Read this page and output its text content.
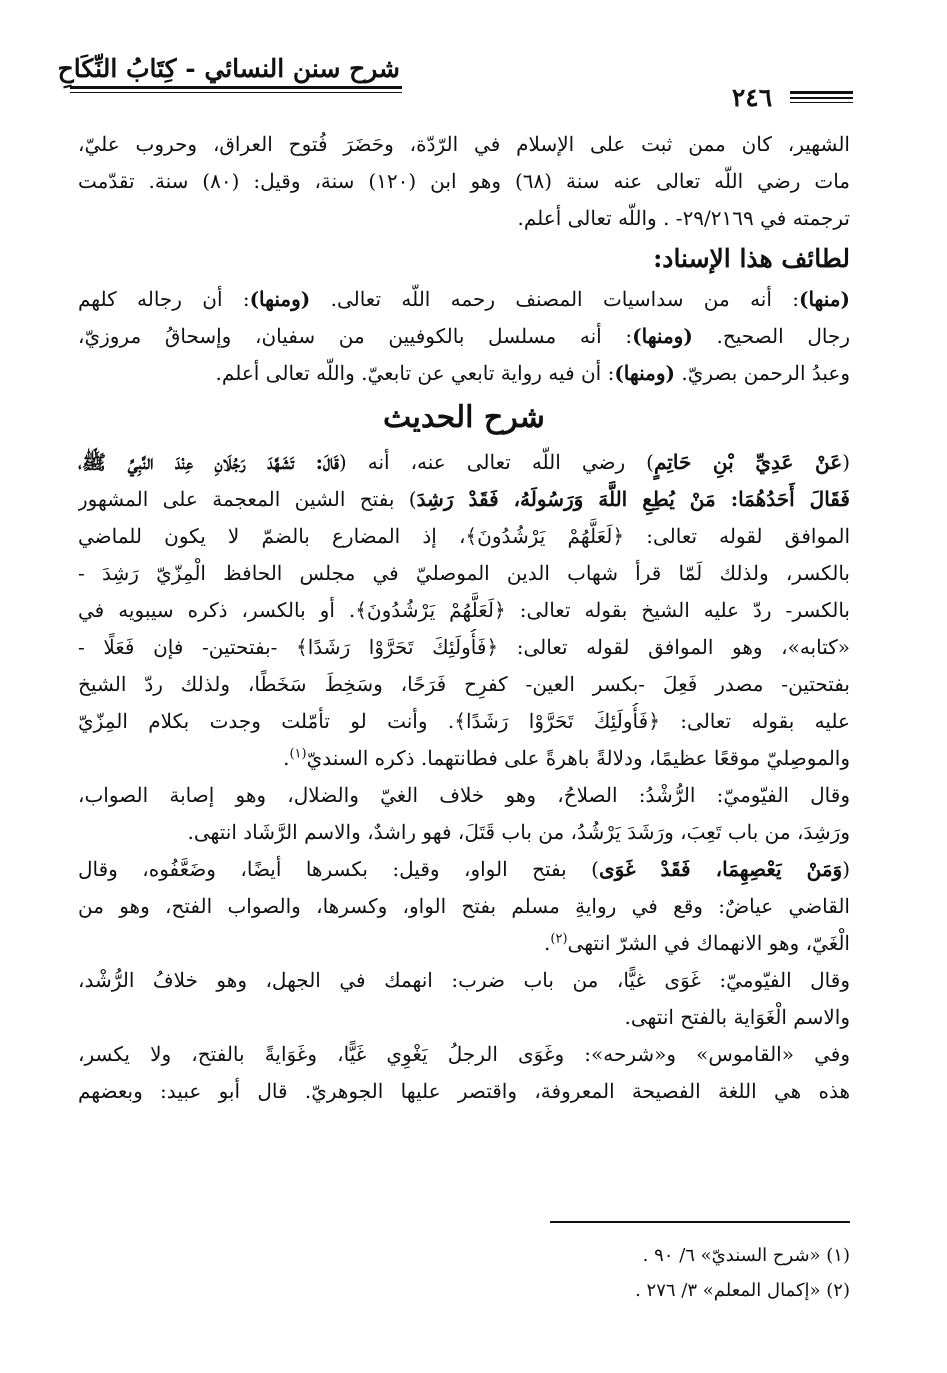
شرح سنن النسائي - كِتَابُ النِّكَاحِ
٢٤٦
الشهير، كان ممن ثبت على الإسلام في الرّدّة، وحَضَرَ فُتوح العراق، وحروب عليّ،
مات رضي اللّه تعالى عنه سنة (٦٨) وهو ابن (١٢٠) سنة، وقيل: (٨٠) سنة. تقدّمت
ترجمته في ٢٩/٢١٦٩- . واللّه تعالى أعلم.
لطائف هذا الإسناد:
(منها): أنه من سداسيات المصنف رحمه اللّه تعالى. (ومنها): أن رجاله كلهم
رجال الصحيح. (ومنها): أنه مسلسل بالكوفيين من سفيان، وإسحاقُ مروزيّ،
وعبدُ الرحمن بصريّ. (ومنها): أن فيه رواية تابعي عن تابعيّ. واللّه تعالى أعلم.
شرح الحديث
(عَنْ عَدِيِّ بْنِ حَاتِمٍ) رضي اللّه تعالى عنه، أنه (قَالَ: تَشَهَّدَ رَجُلَانِ عِنْدَ النَّبِيِّ ﷺ،
فَقَالَ أَحَدُهُمَا: مَنْ يُطِعِ اللَّهَ وَرَسُولَهُ، فَقَدْ رَشِدَ) بفتح الشين المعجمة على المشهور
الموافق لقوله تعالى: ﴿لَعَلَّهُمْ يَرْشُدُونَ﴾، إذ المضارع بالضمّ لا يكون للماضي
بالكسر، ولذلك لَمّا قرأ شهاب الدين الموصليّ في مجلس الحافظ الْمِزّيّ رَشِدَ -
بالكسر- ردّ عليه الشيخ بقوله تعالى: ﴿لَعَلَّهُمْ يَرْشُدُونَ﴾. أو بالكسر، ذكره سيبويه في
«كتابه»، وهو الموافق لقوله تعالى: ﴿فَأُولَئِكَ تَحَرَّوْا رَشَدًا﴾ -بفتحتين- فإن فَعَلًا -
بفتحتين- مصدر فَعِلَ -بكسر العين- كفرِح فَرَحًا، وسَخِطَ سَخَطًا، ولذلك ردّ الشيخ
عليه بقوله تعالى: ﴿فَأُولَئِكَ تَحَرَّوْا رَشَدًا﴾. وأنت لو تأمّلت وجدت بكلام المِزّيّ
والموصِليّ موقعًا عظيمًا، ودلالةً باهرةً على فطانتهما. ذكره السنديّ$^{(١)}$.
وقال الفيّوميّ: الرُّشْدُ: الصلاحُ، وهو خلاف الغيّ والضلال، وهو إصابة الصواب،
ورَشِدَ، من باب تَعِبَ، ورَشَدَ يَرْشُدُ، من باب قَتَلَ، فهو راشدٌ، والاسم الرَّشَاد انتهى.
(وَمَنْ يَعْصِهِمَا، فَقَدْ غَوَى) بفتح الواو، وقيل: بكسرها أيضًا، وضَعَّفُوه، وقال
القاضي عياضٌ: وقع في روايةِ مسلم بفتح الواو، وكسرها، والصواب الفتح، وهو من
الْغَيّ، وهو الانهماك في الشرّ انتهى$^{(٢)}$.
وقال الفيّوميّ: غَوَى غيًّا، من باب ضرب: انهمك في الجهل، وهو خلافُ الرُّشْد،
والاسم الْغَوَاية بالفتح انتهى.
وفي «القاموس» و«شرحه»: وغَوَى الرجلُ يَغْوِي غَيًّا، وغَوَايةً بالفتح، ولا يكسر،
هذه هي اللغة الفصيحة المعروفة، واقتصر عليها الجوهريّ. قال أبو عبيد: وبعضهم
(١) «شرح السنديّ» ٦/ ٩٠ .
(٢) «إكمال المعلم» ٣/ ٢٧٦ .
